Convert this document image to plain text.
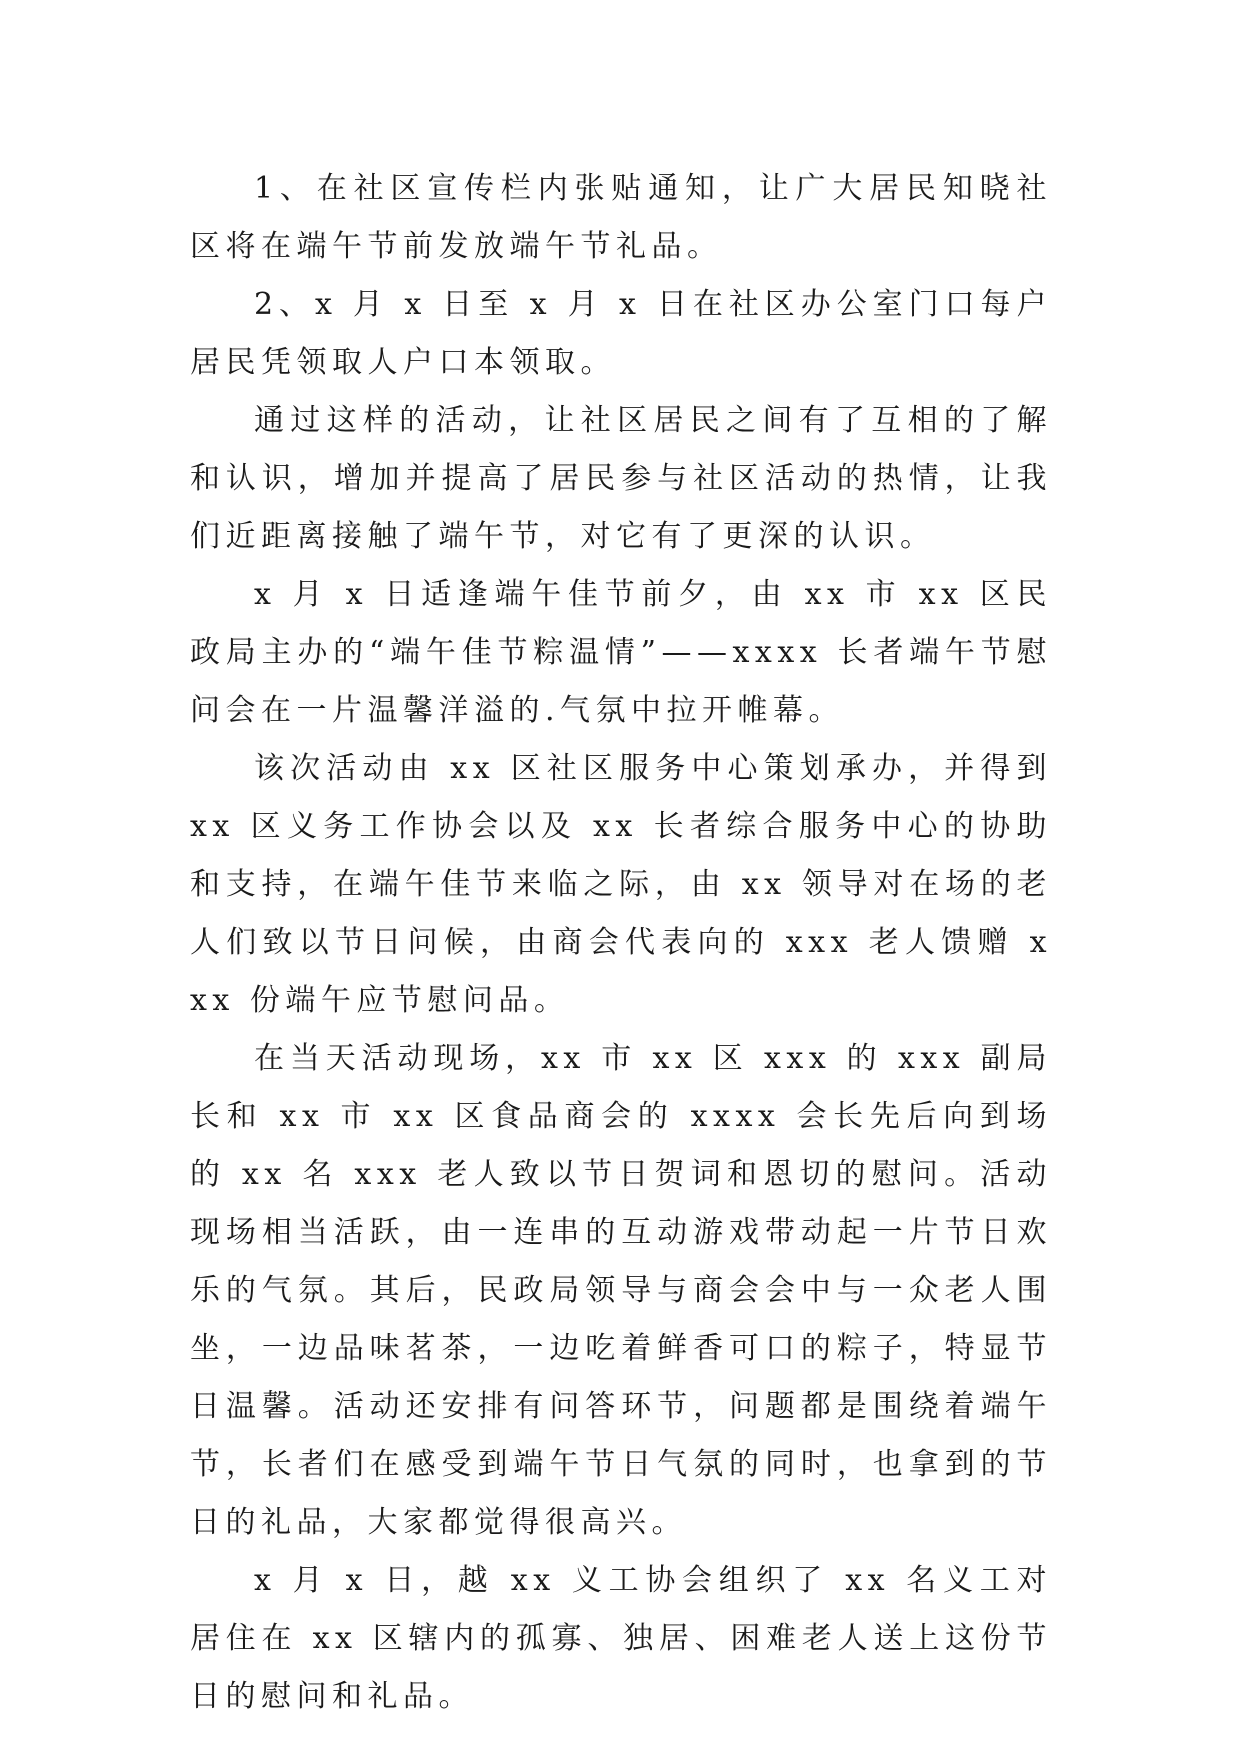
1、在社区宣传栏内张贴通知，让广大居民知晓社区将在端午节前发放端午节礼品。

2、x 月 x 日至 x 月 x 日在社区办公室门口每户居民凭领取人户口本领取。

通过这样的活动，让社区居民之间有了互相的了解和认识，增加并提高了居民参与社区活动的热情，让我们近距离接触了端午节，对它有了更深的认识。

x 月 x 日适逢端午佳节前夕，由 xx 市 xx 区民政局主办的“端午佳节粽温情”——xxxx 长者端午节慰问会在一片温馨洋溢的.气氛中拉开帷幕。

该次活动由 xx 区社区服务中心策划承办，并得到 xx 区义务工作协会以及 xx 长者综合服务中心的协助和支持，在端午佳节来临之际，由 xx 领导对在场的老人们致以节日问候，由商会代表向的 xxx 老人馈赠 xxx 份端午应节慰问品。

在当天活动现场，xx 市 xx 区 xxx 的 xxx 副局长和 xx 市 xx 区食品商会的 xxxx 会长先后向到场的 xx 名 xxx 老人致以节日贺词和恩切的慰问。活动现场相当活跃，由一连串的互动游戏带动起一片节日欢乐的气氛。其后，民政局领导与商会会中与一众老人围坐，一边品味茗茶，一边吃着鲜香可口的粽子，特显节日温馨。活动还安排有问答环节，问题都是围绕着端午节，长者们在感受到端午节日气氛的同时，也拿到的节日的礼品，大家都觉得很高兴。

x 月 x 日，越 xx 义工协会组织了 xx 名义工对居住在 xx 区辖内的孤寡、独居、困难老人送上这份节日的慰问和礼品。
